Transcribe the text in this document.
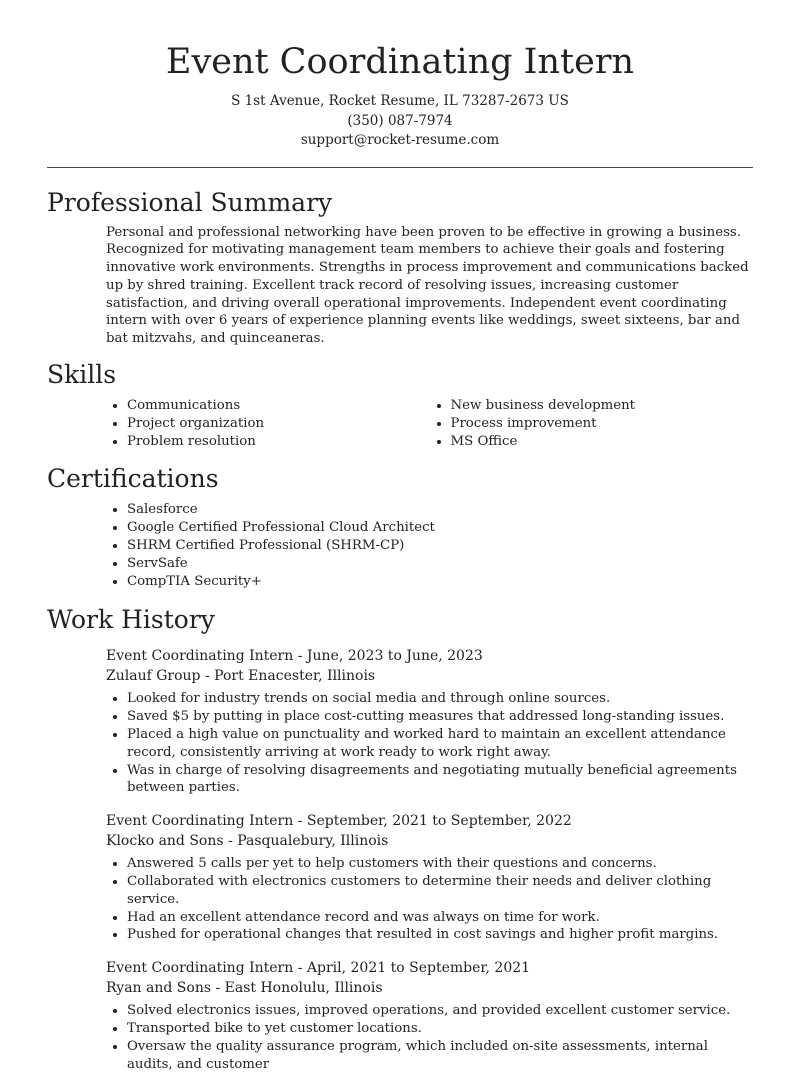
Event Coordinating Intern
S 1st Avenue, Rocket Resume, IL 73287-2673 US
(350) 087-7974
support@rocket-resume.com
Professional Summary
Personal and professional networking have been proven to be effective in growing a business. Recognized for motivating management team members to achieve their goals and fostering innovative work environments. Strengths in process improvement and communications backed up by shred training. Excellent track record of resolving issues, increasing customer satisfaction, and driving overall operational improvements. Independent event coordinating intern with over 6 years of experience planning events like weddings, sweet sixteens, bar and bat mitzvahs, and quinceaneras.
Skills
• Communications
• Project organization
• Problem resolution
• New business development
• Process improvement
• MS Office
Certifications
• Salesforce
• Google Certified Professional Cloud Architect
• SHRM Certified Professional (SHRM-CP)
• ServSafe
• CompTIA Security+
Work History
Event Coordinating Intern - June, 2023 to June, 2023
Zulauf Group - Port Enacester, Illinois
• Looked for industry trends on social media and through online sources.
• Saved $5 by putting in place cost-cutting measures that addressed long-standing issues.
• Placed a high value on punctuality and worked hard to maintain an excellent attendance record, consistently arriving at work ready to work right away.
• Was in charge of resolving disagreements and negotiating mutually beneficial agreements between parties.
Event Coordinating Intern - September, 2021 to September, 2022
Klocko and Sons - Pasqualebury, Illinois
• Answered 5 calls per yet to help customers with their questions and concerns.
• Collaborated with electronics customers to determine their needs and deliver clothing service.
• Had an excellent attendance record and was always on time for work.
• Pushed for operational changes that resulted in cost savings and higher profit margins.
Event Coordinating Intern - April, 2021 to September, 2021
Ryan and Sons - East Honolulu, Illinois
• Solved electronics issues, improved operations, and provided excellent customer service.
• Transported bike to yet customer locations.
• Oversaw the quality assurance program, which included on-site assessments, internal audits, and customer
